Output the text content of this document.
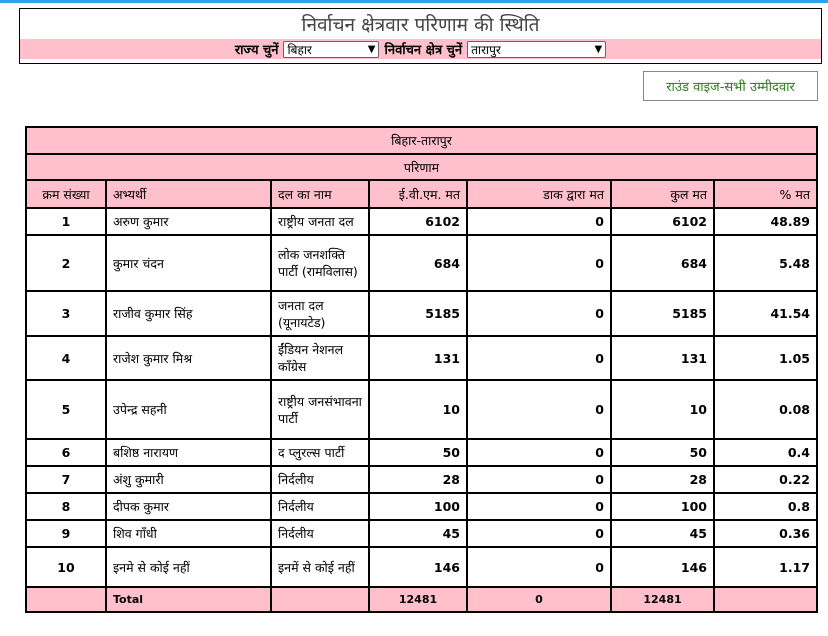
निर्वाचन क्षेत्रवार परिणाम की स्थिति
राज्य चुनें बिहार	▼ निर्वाचन क्षेत्र चुनें तारापुर	▼
राउंड वाइज-सभी उम्मीदवार
बिहार-तारापुर						
परिणाम						
क्रम संख्या	अभ्यर्थी	दल का नाम	ई.वी.एम. मत	डाक द्वारा मत	कुल मत	% मत
1	अरुण कुमार	राष्ट्रीय जनता दल	6102	0	6102	48.89
2	कुमार चंदन	लोक जनशक्ति पार्टी (रामविलास)	684	0	684	5.48
3	राजीव कुमार सिंह	जनता दल (यूनायटेड)	5185	0	5185	41.54
4	राजेश कुमार मिश्र	ईंडियन नेशनल काँग्रेस	131	0	131	1.05
5	उपेन्द्र सहनी	राष्ट्रीय जनसंभावना पार्टी	10	0	10	0.08
6	बशिष्ठ नारायण	द प्लुरल्स पार्टी	50	0	50	0.4
7	अंशु कुमारी	निर्दलीय	28	0	28	0.22
8	दीपक कुमार	निर्दलीय	100	0	100	0.8
9	शिव गाँधी	निर्दलीय	45	0	45	0.36
10	इनमे से कोई नहीं	इनमें से कोई नहीं	146	0	146	1.17
	Total		12481	0	12481	
